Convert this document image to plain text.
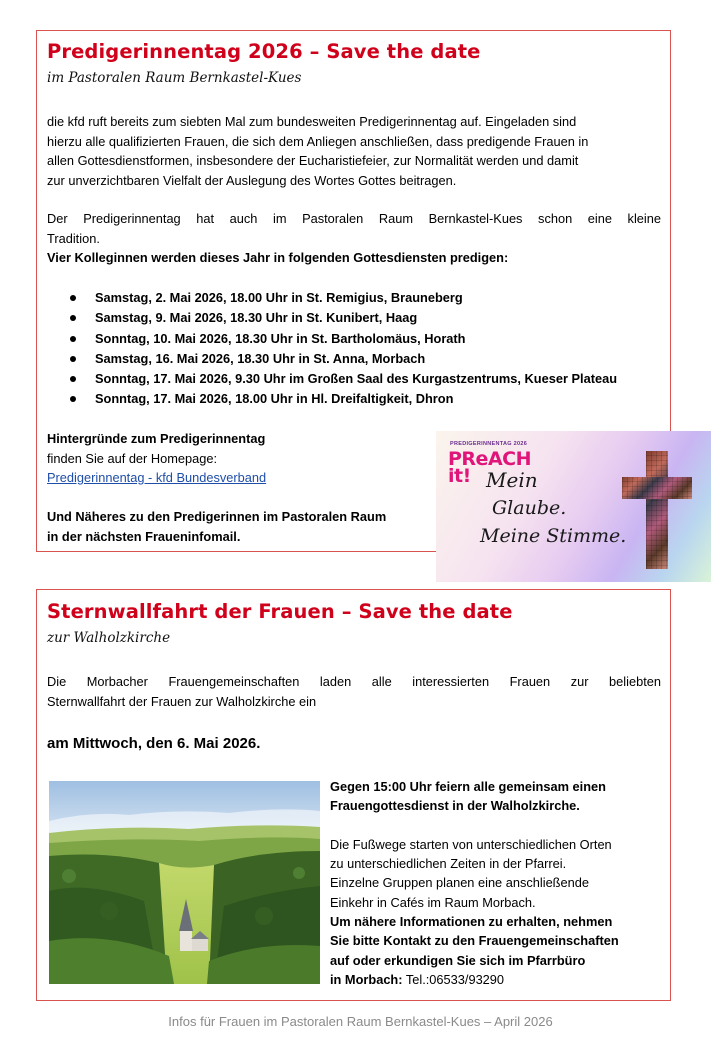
Predigerinnentag 2026 – Save the date
im Pastoralen Raum Bernkastel-Kues
die kfd ruft bereits zum siebten Mal zum bundesweiten Predigerinnentag auf. Eingeladen sind
hierzu alle qualifizierten Frauen, die sich dem Anliegen anschließen, dass predigende Frauen in
allen Gottesdienstformen, insbesondere der Eucharistiefeier, zur Normalität werden und damit
zur unverzichtbaren Vielfalt der Auslegung des Wortes Gottes beitragen.
Der Predigerinnentag hat auch im Pastoralen Raum Bernkastel-Kues schon eine kleine
Tradition.
Vier Kolleginnen werden dieses Jahr in folgenden Gottesdiensten predigen:
Samstag, 2. Mai 2026, 18.00 Uhr in St. Remigius, Brauneberg
Samstag, 9. Mai 2026, 18.30 Uhr in St. Kunibert, Haag
Sonntag, 10. Mai 2026, 18.30 Uhr in St. Bartholomäus, Horath
Samstag, 16. Mai 2026, 18.30 Uhr in St. Anna, Morbach
Sonntag, 17. Mai 2026, 9.30 Uhr im Großen Saal des Kurgastzentrums, Kueser Plateau
Sonntag, 17. Mai 2026, 18.00 Uhr in Hl. Dreifaltigkeit, Dhron
Hintergründe zum Predigerinnentag
finden Sie auf der Homepage:
Predigerinnentag - kfd Bundesverband
Und Näheres zu den Predigerinnen im Pastoralen Raum
in der nächsten Fraueninfomail.
PREDIGERINNENTAG 2026
PReACH
it! Mein
Glaube.
Meine Stimme.
Sternwallfahrt der Frauen – Save the date
zur Walholzkirche
Die Morbacher Frauengemeinschaften laden alle interessierten Frauen zur beliebten
Sternwallfahrt der Frauen zur Walholzkirche ein
am Mittwoch, den 6. Mai 2026.
Gegen 15:00 Uhr feiern alle gemeinsam einen
Frauengottesdienst in der Walholzkirche.
Die Fußwege starten von unterschiedlichen Orten
zu unterschiedlichen Zeiten in der Pfarrei.
Einzelne Gruppen planen eine anschließende
Einkehr in Cafés im Raum Morbach.
Um nähere Informationen zu erhalten, nehmen
Sie bitte Kontakt zu den Frauengemeinschaften
auf oder erkundigen Sie sich im Pfarrbüro
in Morbach: Tel.:06533/93290
Infos für Frauen im Pastoralen Raum Bernkastel-Kues – April 2026
